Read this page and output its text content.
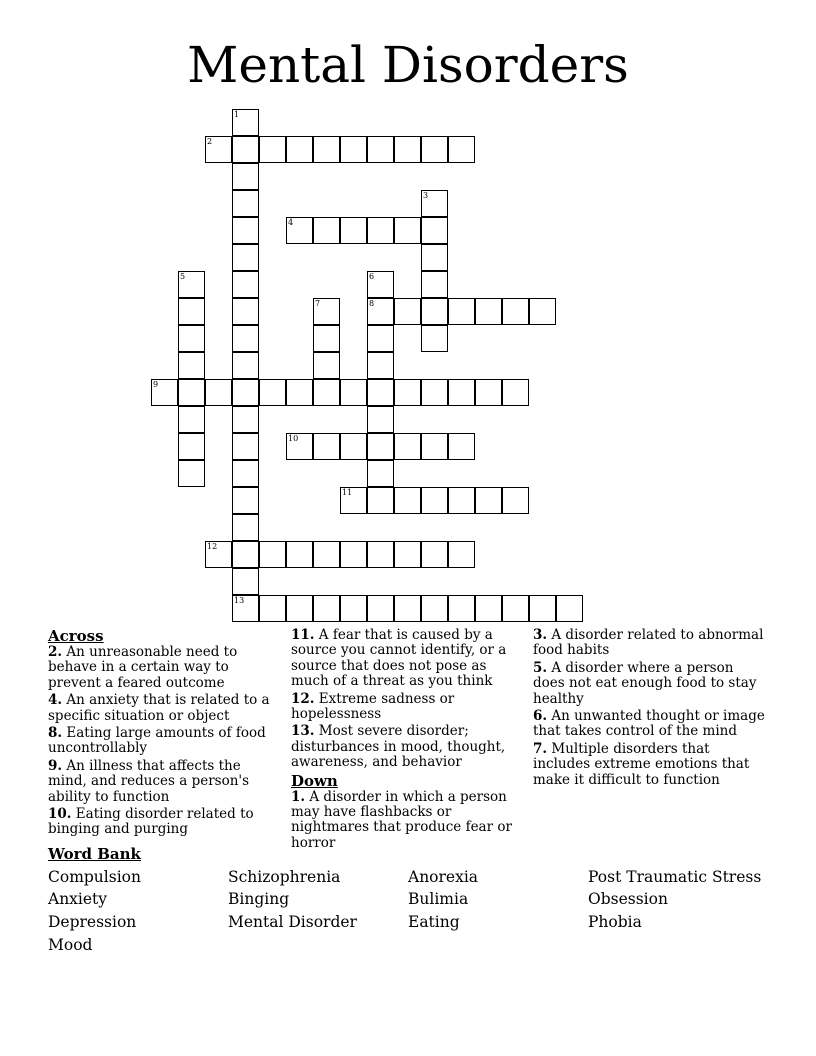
Mental Disorders
1
13
2
3
4
5	6
8
7
9
10
11
12
Across

2. An unreasonable need to behave in a certain way to prevent a feared outcome

4. An anxiety that is related to a specific situation or object

8. Eating large amounts of food uncontrollably

9. An illness that affects the mind, and reduces a person's ability to function

10. Eating disorder related to binging and purging

11. A fear that is caused by a source you cannot identify, or a source that does not pose as much of a threat as you think

12. Extreme sadness or hopelessness

13. Most severe disorder; disturbances in mood, thought, awareness, and behavior

Down

1. A disorder in which a person may have flashbacks or nightmares that produce fear or horror

3. A disorder related to abnormal food habits

5. A disorder where a person does not eat enough food to stay healthy

6. An unwanted thought or image that takes control of the mind

7. Multiple disorders that includes extreme emotions that make it difficult to function

Word Bank
Compulsion	Schizophrenia	Anorexia	Post Traumatic Stress
Anxiety	Binging	Bulimia	Obsession
Depression	Mental Disorder	Eating	Phobia
Mood
